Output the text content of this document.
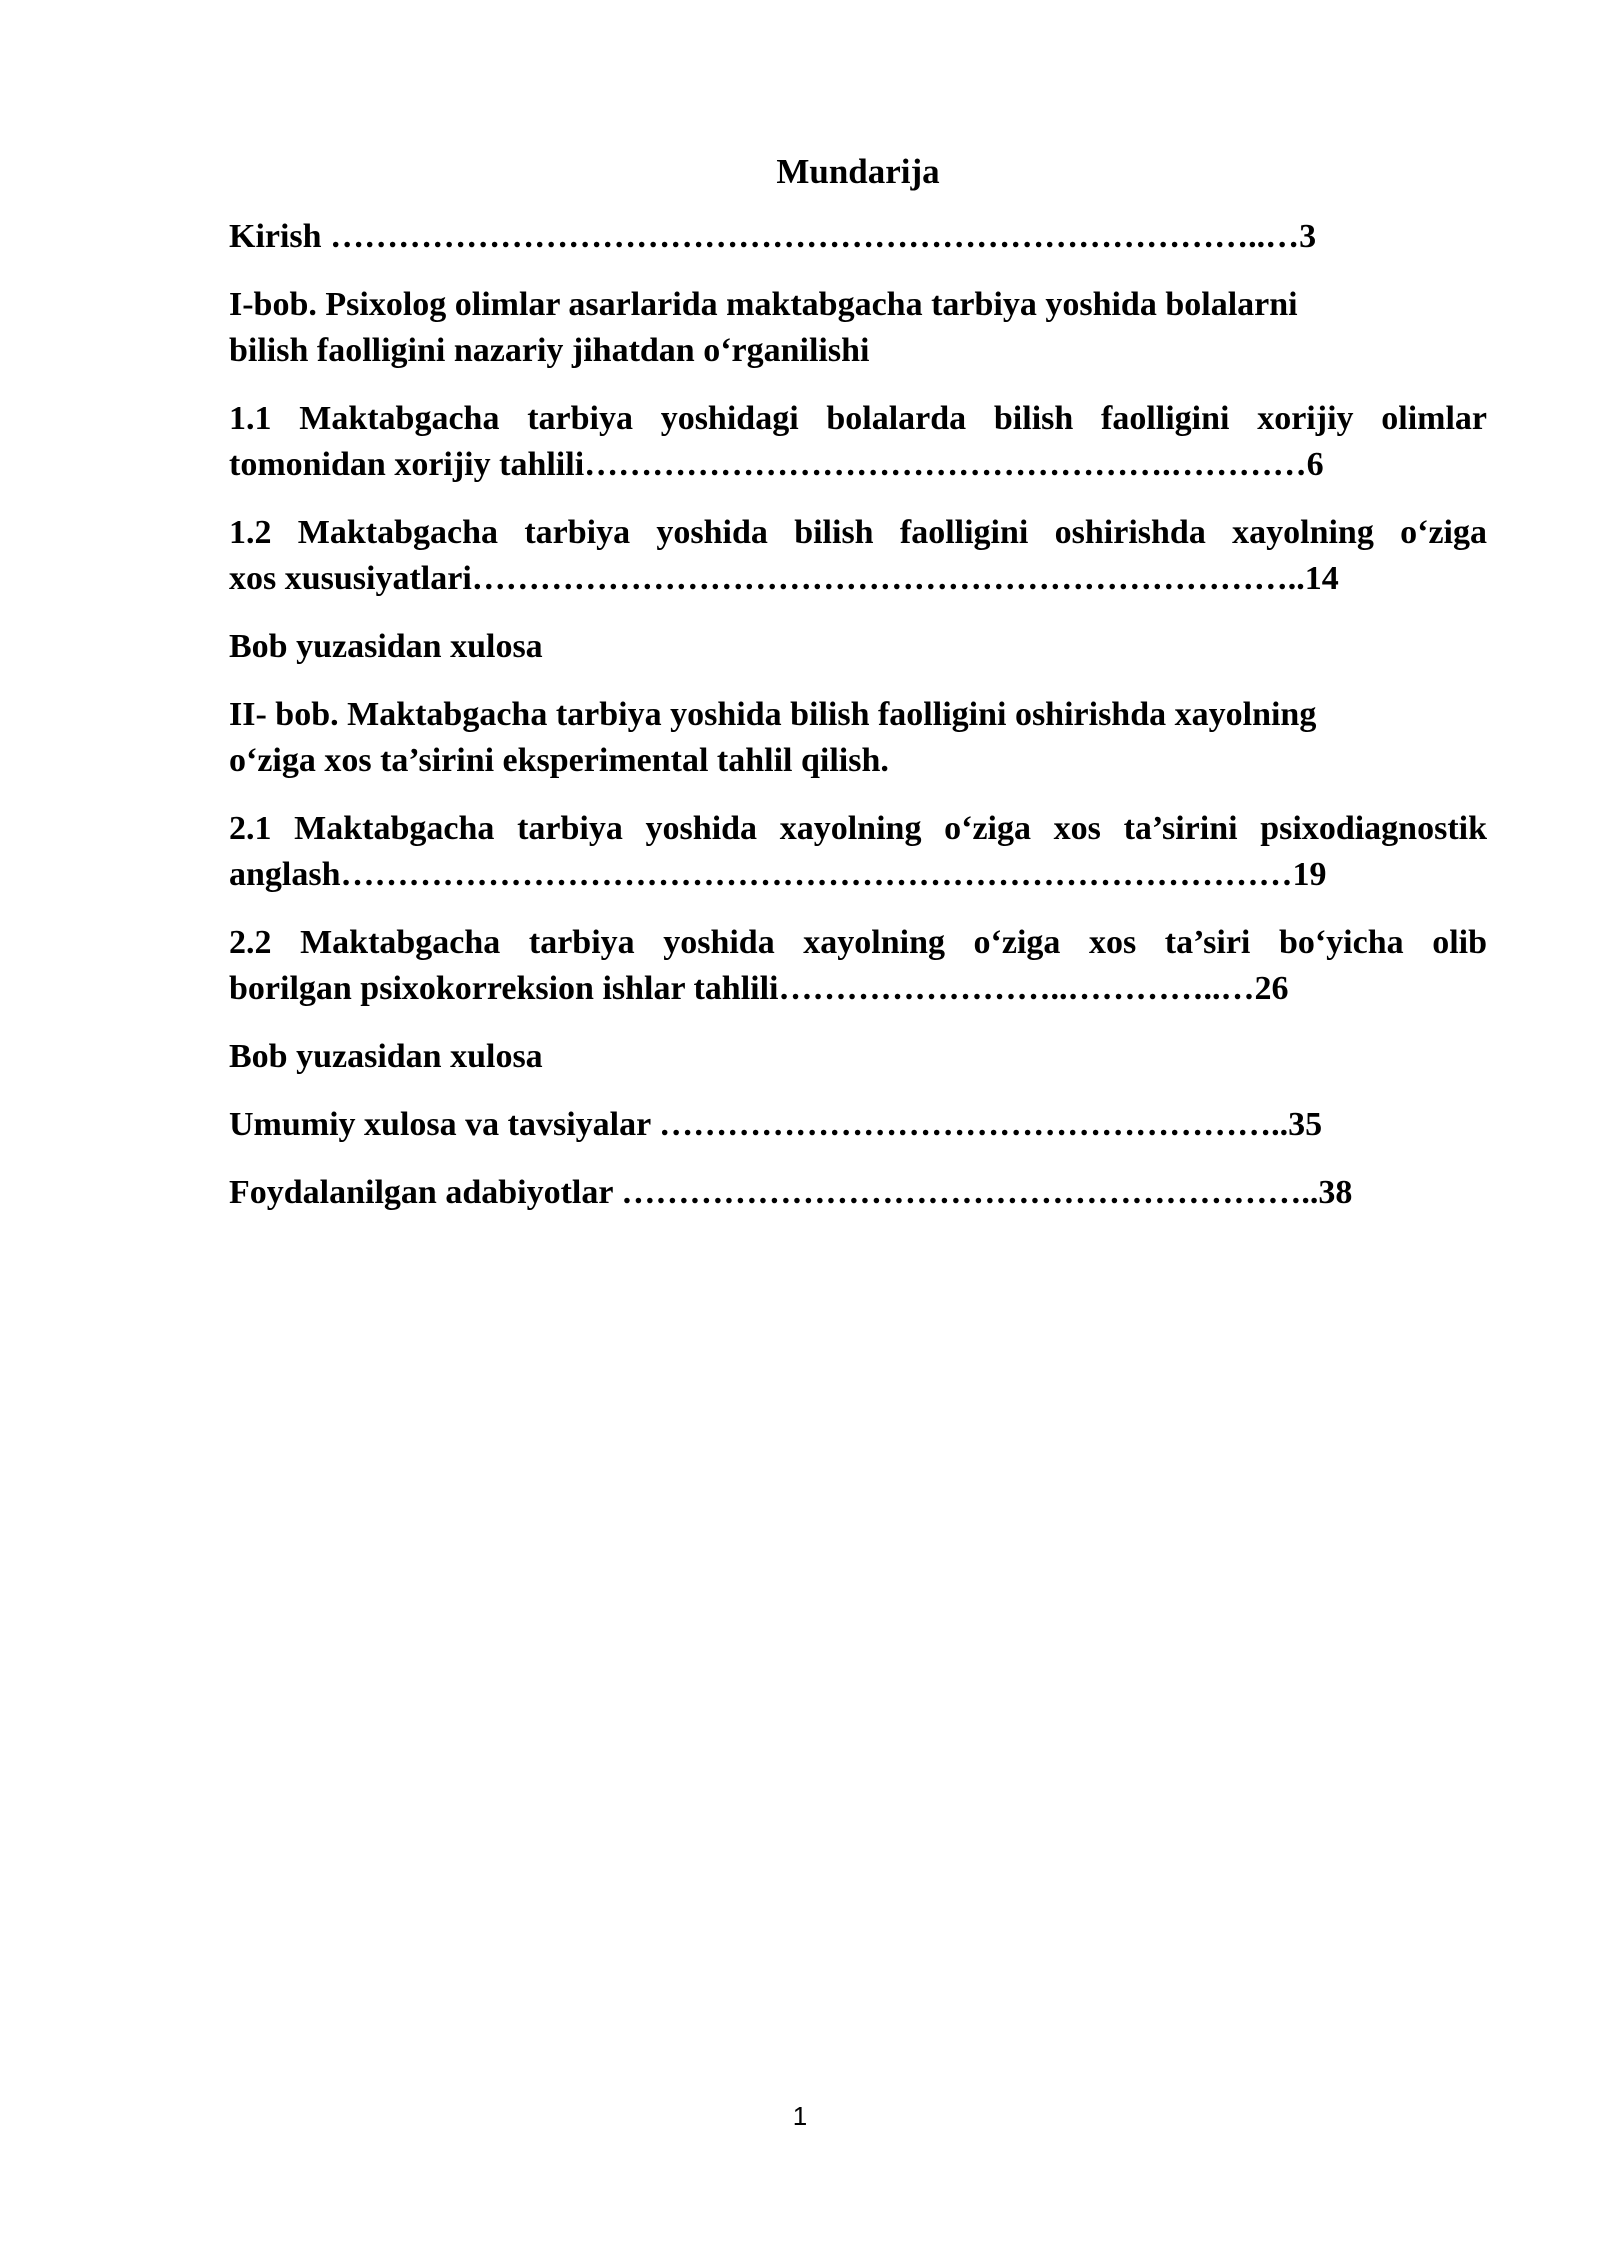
Mundarija
Kirish ………………………………………………………………………..…3
I-bob. Psixolog olimlar asarlarida maktabgacha tarbiya yoshida bolalarni
bilish faolligini nazariy jihatdan o‘rganilishi
1.1 Maktabgacha tarbiya yoshidagi bolalarda bilish faolligini xorijiy olimlar
tomonidan xorijiy tahlili…………………………………………….…………6
1.2 Maktabgacha tarbiya yoshida bilish faolligini oshirishda xayolning o‘ziga
xos xususiyatlari………………………………………………………………..14
Bob yuzasidan xulosa
II- bob. Maktabgacha tarbiya yoshida bilish faolligini oshirishda xayolning
o‘ziga xos ta’sirini eksperimental tahlil qilish.
2.1 Maktabgacha tarbiya yoshida xayolning o‘ziga xos ta’sirini psixodiagnostik
anglash…………………………………………………………………………19
2.2 Maktabgacha tarbiya yoshida xayolning o‘ziga xos ta’siri bo‘yicha olib
borilgan psixokorreksion ishlar tahlili……………………..…………..…26
Bob yuzasidan xulosa
Umumiy xulosa va tavsiyalar ………………………………………………..35
Foydalanilgan adabiyotlar ……………………………………………………..38
1
